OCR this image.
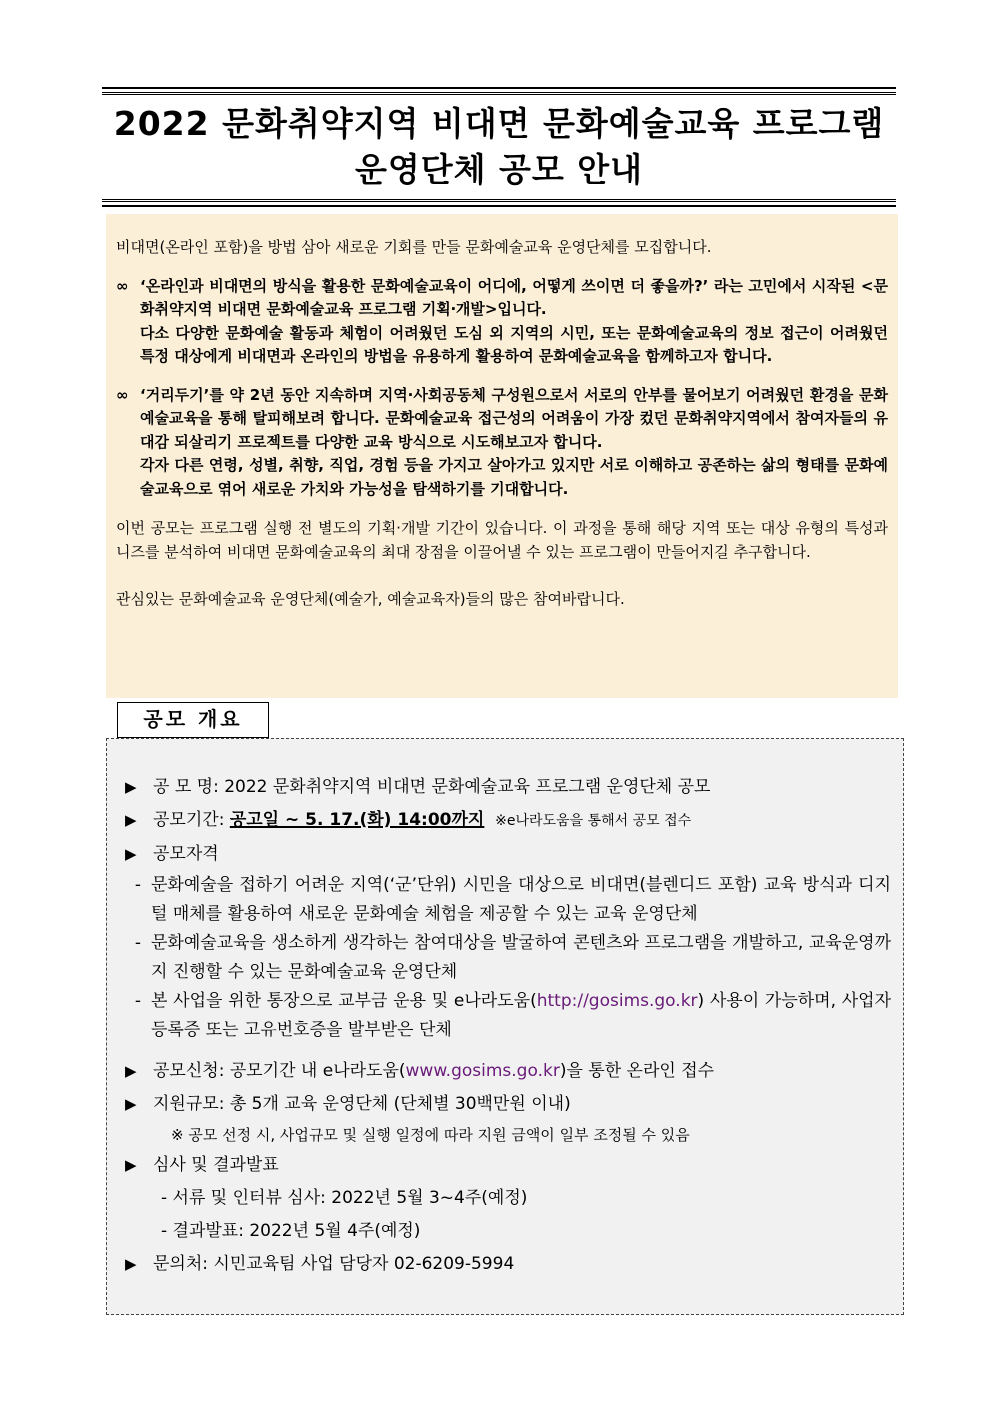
2022 문화취약지역 비대면 문화예술교육 프로그램
운영단체 공모 안내

비대면(온라인 포함)을 방법 삼아 새로운 기회를 만들 문화예술교육 운영단체를 모집합니다.

∞ ‘온라인과 비대면의 방식을 활용한 문화예술교육이 어디에, 어떻게 쓰이면 더 좋을까?’ 라는 고민에서 시작된 <문화취약지역 비대면 문화예술교육 프로그램 기획‧개발>입니다.
다소 다양한 문화예술 활동과 체험이 어려웠던 도심 외 지역의 시민, 또는 문화예술교육의 정보 접근이 어려웠던 특정 대상에게 비대면과 온라인의 방법을 유용하게 활용하여 문화예술교육을 함께하고자 합니다.
∞ ‘거리두기’를 약 2년 동안 지속하며 지역·사회공동체 구성원으로서 서로의 안부를 물어보기 어려웠던 환경을 문화예술교육을 통해 탈피해보려 합니다. 문화예술교육 접근성의 어려움이 가장 컸던 문화취약지역에서 참여자들의 유대감 되살리기 프로젝트를 다양한 교육 방식으로 시도해보고자 합니다.
각자 다른 연령, 성별, 취향, 직업, 경험 등을 가지고 살아가고 있지만 서로 이해하고 공존하는 삶의 형태를 문화예술교육으로 엮어 새로운 가치와 가능성을 탐색하기를 기대합니다.

이번 공모는 프로그램 실행 전 별도의 기획·개발 기간이 있습니다. 이 과정을 통해 해당 지역 또는 대상 유형의 특성과 니즈를 분석하여 비대면 문화예술교육의 최대 장점을 이끌어낼 수 있는 프로그램이 만들어지길 추구합니다.

관심있는 문화예술교육 운영단체(예술가, 예술교육자)들의 많은 참여바랍니다.

공모 개요
▶ 공 모 명: 2022 문화취약지역 비대면 문화예술교육 프로그램 운영단체 공모
▶ 공모기간: 공고일 ~ 5. 17.(화) 14:00까지 ※e나라도움을 통해서 공모 접수
▶ 공모자격
- 문화예술을 접하기 어려운 지역(‘군’단위) 시민을 대상으로 비대면(블렌디드 포함) 교육 방식과 디지털 매체를 활용하여 새로운 문화예술 체험을 제공할 수 있는 교육 운영단체
- 문화예술교육을 생소하게 생각하는 참여대상을 발굴하여 콘텐츠와 프로그램을 개발하고, 교육운영까지 진행할 수 있는 문화예술교육 운영단체
- 본 사업을 위한 통장으로 교부금 운용 및 e나라도움(http://gosims.go.kr) 사용이 가능하며, 사업자등록증 또는 고유번호증을 발부받은 단체
▶ 공모신청: 공모기간 내 e나라도움(www.gosims.go.kr)을 통한 온라인 접수
▶ 지원규모: 총 5개 교육 운영단체 (단체별 30백만원 이내)
※ 공모 선정 시, 사업규모 및 실행 일정에 따라 지원 금액이 일부 조정될 수 있음
▶ 심사 및 결과발표
- 서류 및 인터뷰 심사: 2022년 5월 3~4주(예정)
- 결과발표: 2022년 5월 4주(예정)
▶ 문의처: 시민교육팀 사업 담당자 02-6209-5994
